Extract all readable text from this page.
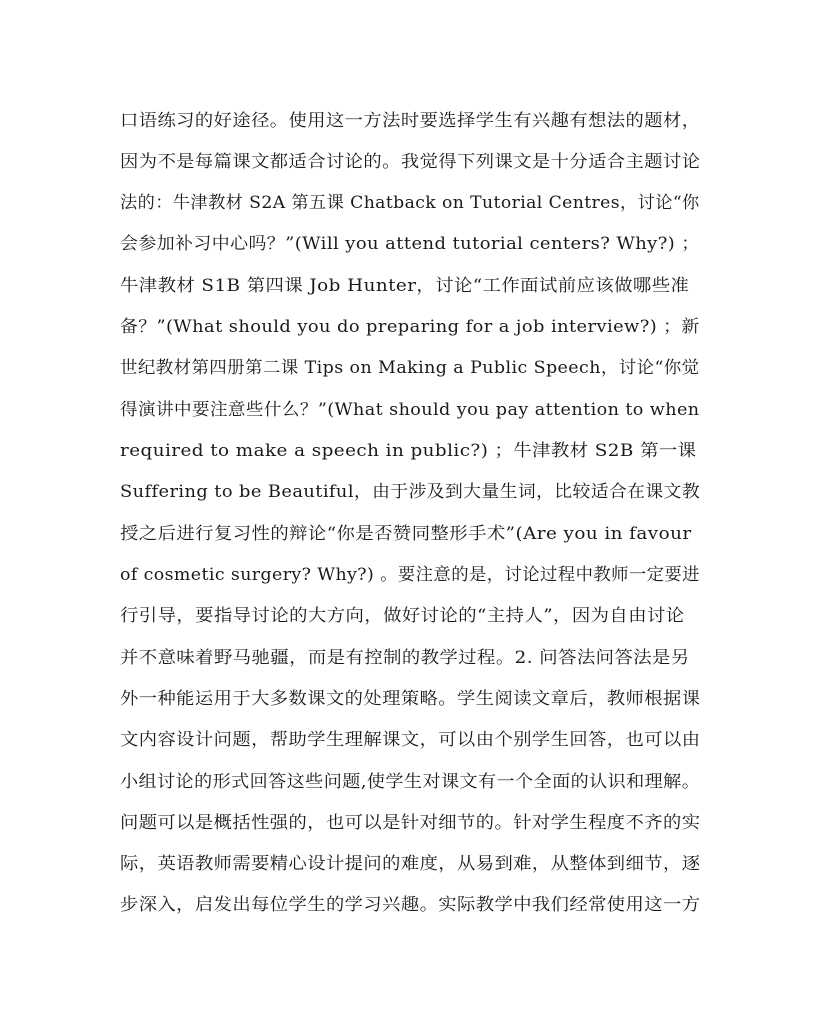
口语练习的好途径。使用这一方法时要选择学生有兴趣有想法的题材，
因为不是每篇课文都适合讨论的。我觉得下列课文是十分适合主题讨论
法的：牛津教材 S2A 第五课 Chatback on Tutorial Centres，讨论“你
会参加补习中心吗？”(Will you attend tutorial centers? Why?) ；
牛津教材 S1B 第四课 Job Hunter，讨论“工作面试前应该做哪些准
备？”(What should you do preparing for a job interview?) ；新
世纪教材第四册第二课 Tips on Making a Public Speech，讨论“你觉
得演讲中要注意些什么？”(What should you pay attention to when
required to make a speech in public?) ；牛津教材 S2B 第一课
Suffering to be Beautiful，由于涉及到大量生词，比较适合在课文教
授之后进行复习性的辩论“你是否赞同整形手术”(Are you in favour
of cosmetic surgery? Why?) 。要注意的是，讨论过程中教师一定要进
行引导，要指导讨论的大方向，做好讨论的“主持人”，因为自由讨论
并不意味着野马驰疆，而是有控制的教学过程。2. 问答法问答法是另
外一种能运用于大多数课文的处理策略。学生阅读文章后，教师根据课
文内容设计问题，帮助学生理解课文，可以由个别学生回答，也可以由
小组讨论的形式回答这些问题,使学生对课文有一个全面的认识和理解。
问题可以是概括性强的，也可以是针对细节的。针对学生程度不齐的实
际，英语教师需要精心设计提问的难度，从易到难，从整体到细节，逐
步深入，启发出每位学生的学习兴趣。实际教学中我们经常使用这一方
